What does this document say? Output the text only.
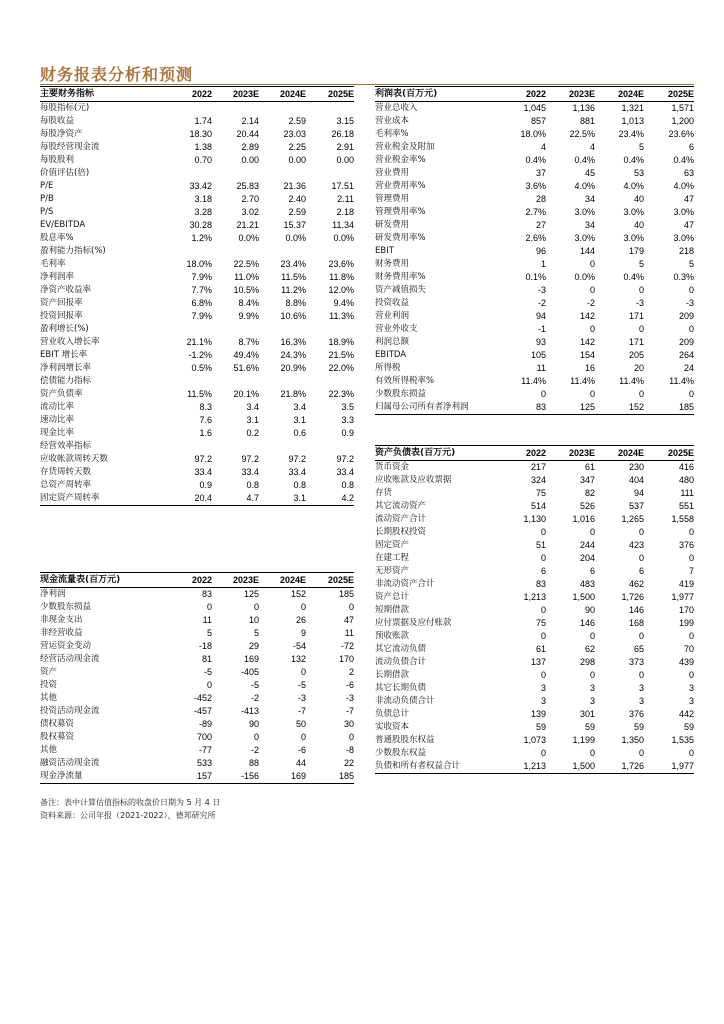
财务报表分析和预测
主要财务指标	2022	2023E	2024E	2025E
每股指标(元)				
每股收益	1.74	2.14	2.59	3.15
每股净资产	18.30	20.44	23.03	26.18
每股经营现金流	1.38	2.89	2.25	2.91
每股股利	0.70	0.00	0.00	0.00
价值评估(倍)				
P/E	33.42	25.83	21.36	17.51
P/B	3.18	2.70	2.40	2.11
P/S	3.28	3.02	2.59	2.18
EV/EBITDA	30.28	21.21	15.37	11.34
股息率%	1.2%	0.0%	0.0%	0.0%
盈利能力指标(%)				
毛利率	18.0%	22.5%	23.4%	23.6%
净利润率	7.9%	11.0%	11.5%	11.8%
净资产收益率	7.7%	10.5%	11.2%	12.0%
资产回报率	6.8%	8.4%	8.8%	9.4%
投资回报率	7.9%	9.9%	10.6%	11.3%
盈利增长(%)				
营业收入增长率	21.1%	8.7%	16.3%	18.9%
EBIT 增长率	-1.2%	49.4%	24.3%	21.5%
净利润增长率	0.5%	51.6%	20.9%	22.0%
偿债能力指标				
资产负债率	11.5%	20.1%	21.8%	22.3%
流动比率	8.3	3.4	3.4	3.5
速动比率	7.6	3.1	3.1	3.3
现金比率	1.6	0.2	0.6	0.9
经营效率指标				
应收帐款周转天数	97.2	97.2	97.2	97.2
存货周转天数	33.4	33.4	33.4	33.4
总资产周转率	0.9	0.8	0.8	0.8
固定资产周转率	20.4	4.7	3.1	4.2
利润表(百万元)	2022	2023E	2024E	2025E
营业总收入	1,045	1,136	1,321	1,571
营业成本	857	881	1,013	1,200
毛利率%	18.0%	22.5%	23.4%	23.6%
营业税金及附加	4	4	5	6
营业税金率%	0.4%	0.4%	0.4%	0.4%
营业费用	37	45	53	63
营业费用率%	3.6%	4.0%	4.0%	4.0%
管理费用	28	34	40	47
管理费用率%	2.7%	3.0%	3.0%	3.0%
研发费用	27	34	40	47
研发费用率%	2.6%	3.0%	3.0%	3.0%
EBIT	96	144	179	218
财务费用	1	0	5	5
财务费用率%	0.1%	0.0%	0.4%	0.3%
资产减值损失	-3	0	0	0
投资收益	-2	-2	-3	-3
营业利润	94	142	171	209
营业外收支	-1	0	0	0
利润总额	93	142	171	209
EBITDA	105	154	205	264
所得税	11	16	20	24
有效所得税率%	11.4%	11.4%	11.4%	11.4%
少数股东损益	0	0	0	0
归属母公司所有者净利润	83	125	152	185
资产负债表(百万元)	2022	2023E	2024E	2025E
货币资金	217	61	230	416
应收账款及应收票据	324	347	404	480
存货	75	82	94	111
其它流动资产	514	526	537	551
流动资产合计	1,130	1,016	1,265	1,558
长期股权投资	0	0	0	0
固定资产	51	244	423	376
在建工程	0	204	0	0
无形资产	6	6	6	7
非流动资产合计	83	483	462	419
资产总计	1,213	1,500	1,726	1,977
短期借款	0	90	146	170
应付票据及应付账款	75	146	168	199
预收账款	0	0	0	0
其它流动负债	61	62	65	70
流动负债合计	137	298	373	439
长期借款	0	0	0	0
其它长期负债	3	3	3	3
非流动负债合计	3	3	3	3
负债总计	139	301	376	442
实收资本	59	59	59	59
普通股股东权益	1,073	1,199	1,350	1,535
少数股东权益	0	0	0	0
负债和所有者权益合计	1,213	1,500	1,726	1,977
现金流量表(百万元)	2022	2023E	2024E	2025E
净利润	83	125	152	185
少数股东损益	0	0	0	0
非现金支出	11	10	26	47
非经营收益	5	5	9	11
营运资金变动	-18	29	-54	-72
经营活动现金流	81	169	132	170
资产	-5	-405	0	2
投资	0	-5	-5	-6
其他	-452	-2	-3	-3
投资活动现金流	-457	-413	-7	-7
债权募资	-89	90	50	30
股权募资	700	0	0	0
其他	-77	-2	-6	-8
融资活动现金流	533	88	44	22
现金净流量	157	-156	169	185
备注：表中计算估值指标的收盘价日期为 5 月 4 日
资料来源：公司年报（2021-2022），德邦研究所
